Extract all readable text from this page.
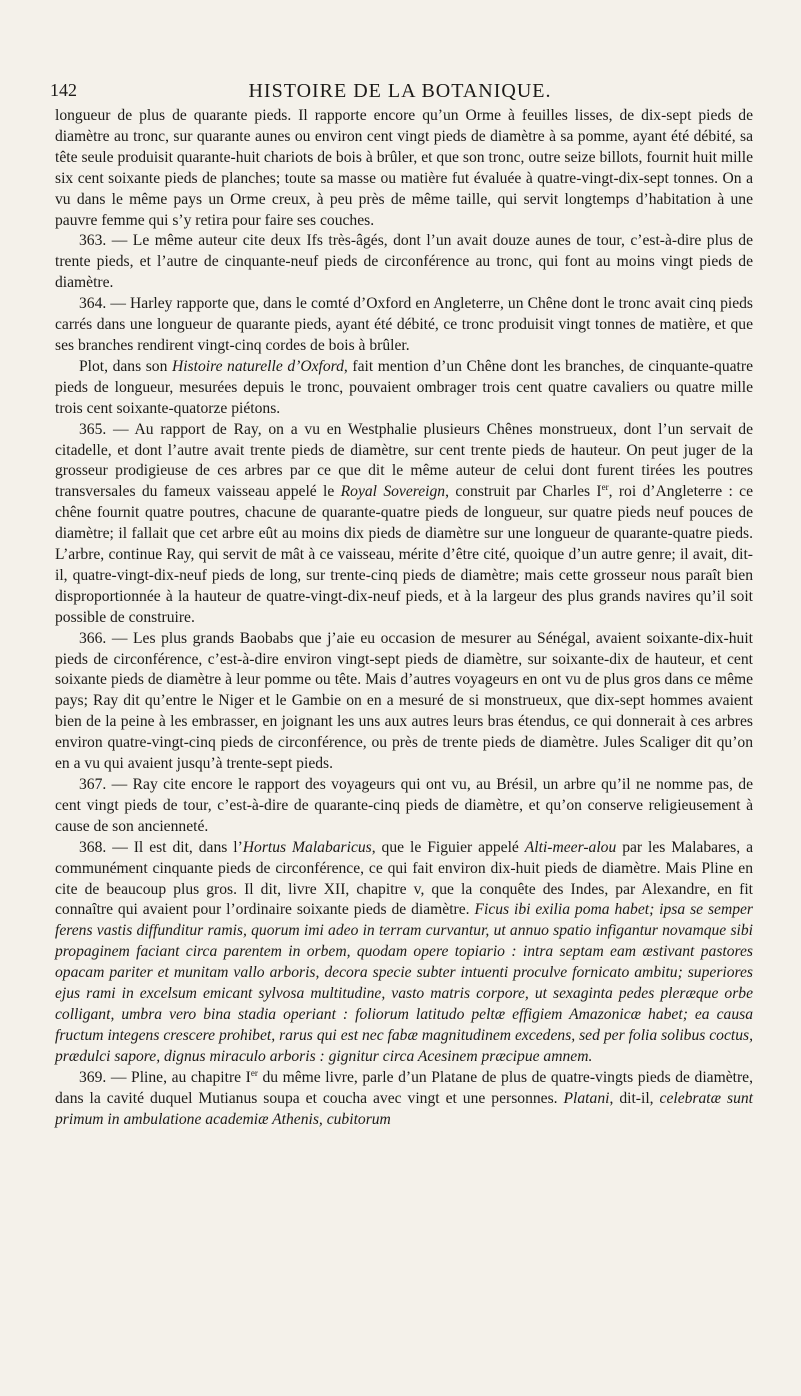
142	HISTOIRE DE LA BOTANIQUE.

longueur de plus de quarante pieds. Il rapporte encore qu’un Orme à feuilles lisses, de dix-sept pieds de diamètre au tronc, sur quarante aunes ou environ cent vingt pieds de diamètre à sa pomme, ayant été débité, sa tête seule produisit quarante-huit chariots de bois à brûler, et que son tronc, outre seize billots, fournit huit mille six cent soixante pieds de planches; toute sa masse ou matière fut évaluée à quatre-vingt-dix-sept tonnes. On a vu dans le même pays un Orme creux, à peu près de même taille, qui servit longtemps d’habitation à une pauvre femme qui s’y retira pour faire ses couches.

363. — Le même auteur cite deux Ifs très-âgés, dont l’un avait douze aunes de tour, c’est-à-dire plus de trente pieds, et l’autre de cinquante-neuf pieds de circonférence au tronc, qui font au moins vingt pieds de diamètre.

364. — Harley rapporte que, dans le comté d’Oxford en Angleterre, un Chêne dont le tronc avait cinq pieds carrés dans une longueur de quarante pieds, ayant été débité, ce tronc produisit vingt tonnes de matière, et que ses branches rendirent vingt-cinq cordes de bois à brûler.

Plot, dans son Histoire naturelle d’Oxford, fait mention d’un Chêne dont les branches, de cinquante-quatre pieds de longueur, mesurées depuis le tronc, pouvaient ombrager trois cent quatre cavaliers ou quatre mille trois cent soixante-quatorze piétons.

365. — Au rapport de Ray, on a vu en Westphalie plusieurs Chênes monstrueux, dont l’un servait de citadelle, et dont l’autre avait trente pieds de diamètre, sur cent trente pieds de hauteur. On peut juger de la grosseur prodigieuse de ces arbres par ce que dit le même auteur de celui dont furent tirées les poutres transversales du fameux vaisseau appelé le Royal Sovereign, construit par Charles Ier, roi d’Angleterre : ce chêne fournit quatre poutres, chacune de quarante-quatre pieds de longueur, sur quatre pieds neuf pouces de diamètre; il fallait que cet arbre eût au moins dix pieds de diamètre sur une longueur de quarante-quatre pieds. L’arbre, continue Ray, qui servit de mât à ce vaisseau, mérite d’être cité, quoique d’un autre genre; il avait, dit-il, quatre-vingt-dix-neuf pieds de long, sur trente-cinq pieds de diamètre; mais cette grosseur nous paraît bien disproportionnée à la hauteur de quatre-vingt-dix-neuf pieds, et à la largeur des plus grands navires qu’il soit possible de construire.

366. — Les plus grands Baobabs que j’aie eu occasion de mesurer au Sénégal, avaient soixante-dix-huit pieds de circonférence, c’est-à-dire environ vingt-sept pieds de diamètre, sur soixante-dix de hauteur, et cent soixante pieds de diamètre à leur pomme ou tête. Mais d’autres voyageurs en ont vu de plus gros dans ce même pays; Ray dit qu’entre le Niger et le Gambie on en a mesuré de si monstrueux, que dix-sept hommes avaient bien de la peine à les embrasser, en joignant les uns aux autres leurs bras étendus, ce qui donnerait à ces arbres environ quatre-vingt-cinq pieds de circonférence, ou près de trente pieds de diamètre. Jules Scaliger dit qu’on en a vu qui avaient jusqu’à trente-sept pieds.

367. — Ray cite encore le rapport des voyageurs qui ont vu, au Brésil, un arbre qu’il ne nomme pas, de cent vingt pieds de tour, c’est-à-dire de quarante-cinq pieds de diamètre, et qu’on conserve religieusement à cause de son ancienneté.

368. — Il est dit, dans l’Hortus Malabaricus, que le Figuier appelé Alti-meer-alou par les Malabares, a communément cinquante pieds de circonférence, ce qui fait environ dix-huit pieds de diamètre. Mais Pline en cite de beaucoup plus gros. Il dit, livre XII, chapitre v, que la conquête des Indes, par Alexandre, en fit connaître qui avaient pour l’ordinaire soixante pieds de diamètre. Ficus ibi exilia poma habet; ipsa se semper ferens vastis diffunditur ramis, quorum imi adeo in terram curvantur, ut annuo spatio infigantur novamque sibi propaginem faciant circa parentem in orbem, quodam opere topiario : intra septam eam æstivant pastores opacam pariter et munitam vallo arboris, decora specie subter intuenti proculve fornicato ambitu; superiores ejus rami in excelsum emicant sylvosa multitudine, vasto matris corpore, ut sexaginta pedes pleræque orbe colligant, umbra vero bina stadia operiant : foliorum latitudo peltæ effigiem Amazonicæ habet; ea causa fructum integens crescere prohibet, rarus qui est nec fabæ magnitudinem excedens, sed per folia solibus coctus, prædulci sapore, dignus miraculo arboris : gignitur circa Acesinem præcipue amnem.

369. — Pline, au chapitre Ier du même livre, parle d’un Platane de plus de quatre-vingts pieds de diamètre, dans la cavité duquel Mutianus soupa et coucha avec vingt et une personnes. Platani, dit-il, celebratæ sunt primum in ambulatione academiæ Athenis, cubitorum
